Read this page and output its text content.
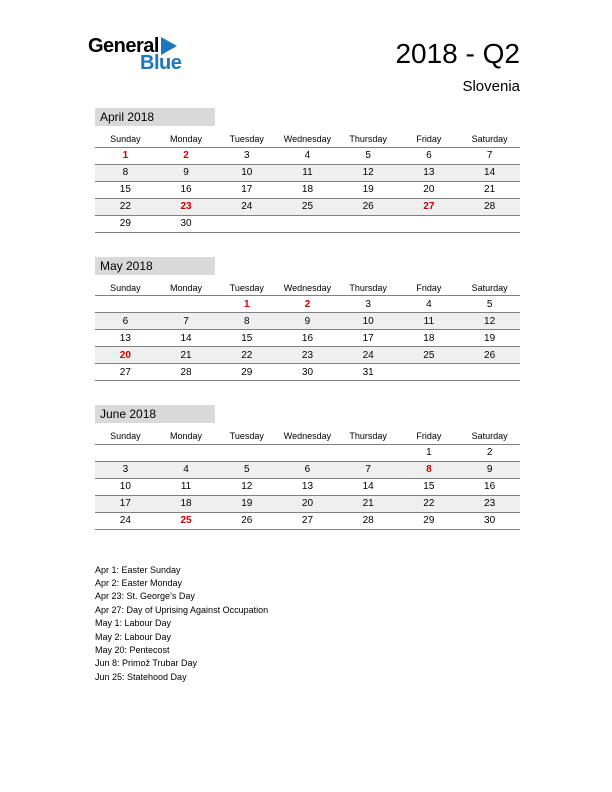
General
Blue	2018 - Q2
Slovenia
April 2018
Sunday	Monday	Tuesday	Wednesday	Thursday	Friday	Saturday
1	2	3	4	5	6	7
8	9	10	11	12	13	14
15	16	17	18	19	20	21
22	23	24	25	26	27	28
29	30					
May 2018
Sunday	Monday	Tuesday	Wednesday	Thursday	Friday	Saturday
		1	2	3	4	5
6	7	8	9	10	11	12
13	14	15	16	17	18	19
20	21	22	23	24	25	26
27	28	29	30	31		
June 2018
Sunday	Monday	Tuesday	Wednesday	Thursday	Friday	Saturday
					1	2
3	4	5	6	7	8	9
10	11	12	13	14	15	16
17	18	19	20	21	22	23
24	25	26	27	28	29	30
Apr 1: Easter Sunday
Apr 2: Easter Monday
Apr 23: St. George’s Day
Apr 27: Day of Uprising Against Occupation
May 1: Labour Day
May 2: Labour Day
May 20: Pentecost
Jun 8: Primož Trubar Day
Jun 25: Statehood Day
